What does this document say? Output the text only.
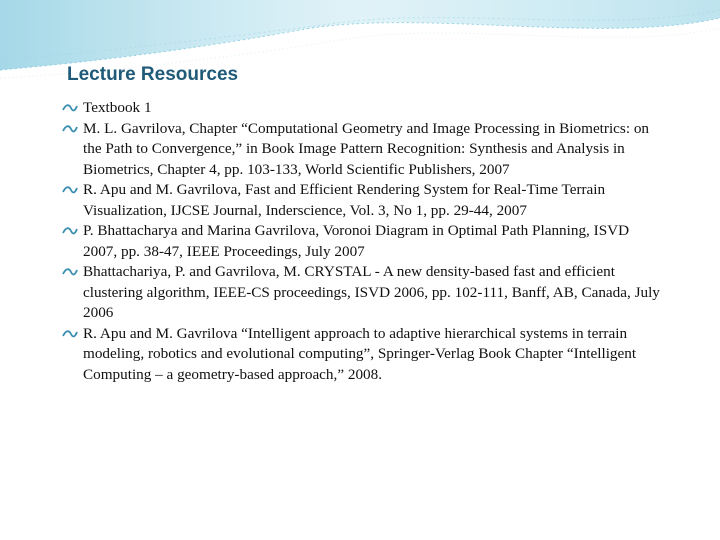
Lecture Resources
Textbook 1
M. L. Gavrilova, Chapter “Computational Geometry and Image Processing in Biometrics: on the Path to Convergence,” in Book Image Pattern Recognition: Synthesis and Analysis in Biometrics, Chapter 4, pp. 103-133, World Scientific Publishers, 2007
R. Apu and M. Gavrilova, Fast and Efficient Rendering System for Real-Time Terrain Visualization, IJCSE Journal, Inderscience, Vol. 3, No 1, pp. 29-44, 2007
P. Bhattacharya and Marina Gavrilova, Voronoi Diagram in Optimal Path Planning, ISVD 2007, pp. 38-47, IEEE Proceedings, July 2007
Bhattachariya, P. and Gavrilova, M. CRYSTAL - A new density-based fast and efficient clustering algorithm, IEEE-CS proceedings, ISVD 2006, pp. 102-111, Banff, AB, Canada, July 2006
R. Apu and M. Gavrilova “Intelligent approach to adaptive hierarchical systems in terrain modeling, robotics and evolutional computing”, Springer-Verlag Book Chapter “Intelligent Computing – a geometry-based approach,” 2008.
